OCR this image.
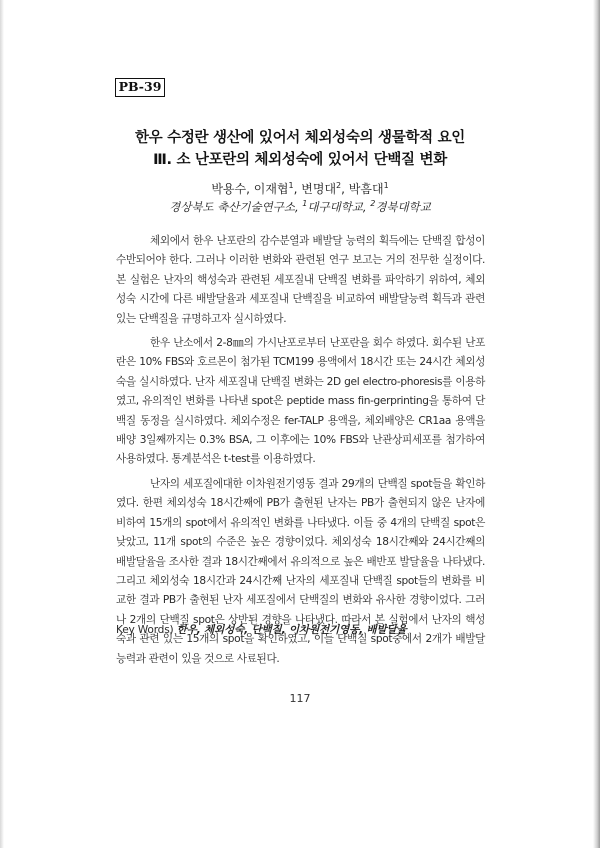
PB-39
한우 수정란 생산에 있어서 체외성숙의 생물학적 요인
Ⅲ. 소 난포란의 체외성숙에 있어서 단백질 변화
박용수, 이재협$^1$, 변명대$^2$, 박흠대$^1$
경상북도 축산기술연구소, $^1$대구대학교, $^2$경북대학교

체외에서 한우 난포란의 감수분열과 배발달 능력의 획득에는 단백질 합성이 수반되어야 한다. 그러나 이러한 변화와 관련된 연구 보고는 거의 전무한 실정이다. 본 실험은 난자의 핵성숙과 관련된 세포질내 단백질 변화를 파악하기 위하여, 체외성숙 시간에 다른 배발달율과 세포질내 단백질을 비교하여 배발달능력 획득과 관련 있는 단백질을 규명하고자 실시하였다.

한우 난소에서 2-8㎜의 가시난포로부터 난포란을 회수 하였다. 회수된 난포란은 10% FBS와 호르몬이 첨가된 TCM199 용액에서 18시간 또는 24시간 체외성숙을 실시하였다. 난자 세포질내 단백질 변화는 2D gel electro-phoresis를 이용하였고, 유의적인 변화를 나타낸 spot은 peptide mass fin-gerprinting을 통하여 단백질 동정을 실시하였다. 체외수정은 fer-TALP 용액을, 체외배양은 CR1aa 용액을 배양 3일째까지는 0.3% BSA, 그 이후에는 10% FBS와 난관상피세포를 첨가하여 사용하였다. 통계분석은 t-test를 이용하였다.

난자의 세포질에대한 이차원전기영동 결과 29개의 단백질 spot들을 확인하였다. 한편 체외성숙 18시간째에 PB가 출현된 난자는 PB가 출현되지 않은 난자에 비하여 15개의 spot에서 유의적인 변화를 나타냈다. 이들 중 4개의 단백질 spot은 낮았고, 11개 spot의 수준은 높은 경향이었다. 체외성숙 18시간째와 24시간째의 배발달율을 조사한 결과 18시간째에서 유의적으로 높은 배반포 발달율을 나타냈다. 그리고 체외성숙 18시간과 24시간째 난자의 세포질내 단백질 spot들의 변화를 비교한 결과 PB가 출현된 난자 세포질에서 단백질의 변화와 유사한 경향이었다. 그러나 2개의 단백질 spot은 상반된 경향을 나타냈다. 따라서 본 실험에서 난자의 핵성숙과 관련 있는 15개의 spot을 확인하였고, 이들 단백질 spot중에서 2개가 배발달 능력과 관련이 있을 것으로 사료된다.

Key Words) 한우, 체외성숙, 단백질, 이차원전기영동, 배발달율
117
